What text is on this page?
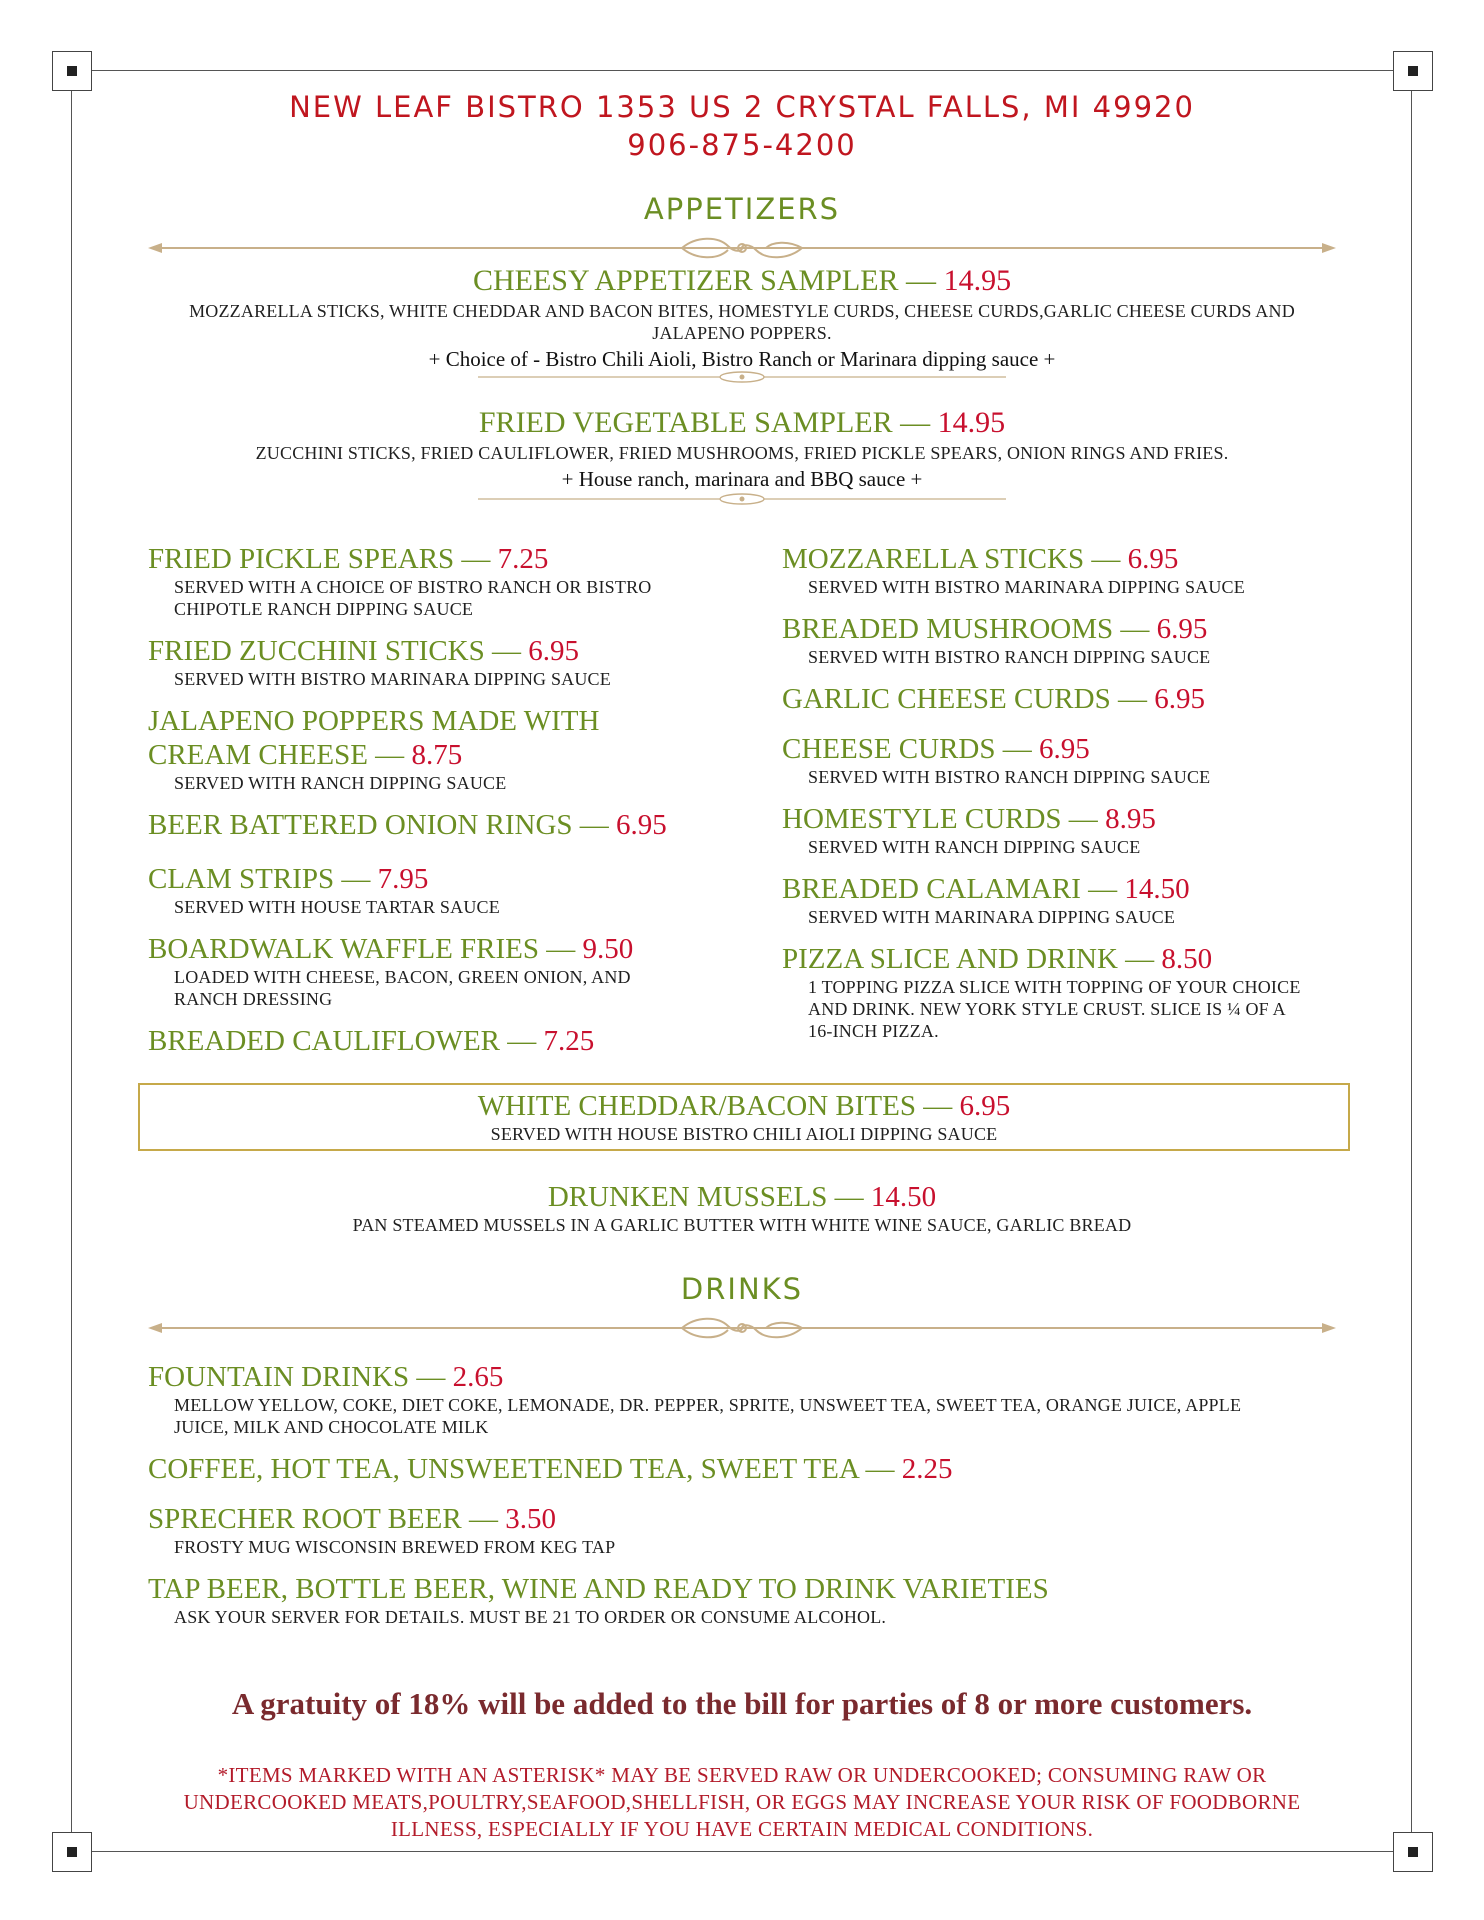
NEW LEAF BISTRO 1353 US 2 CRYSTAL FALLS, MI 49920
906-875-4200
APPETIZERS
CHEESY APPETIZER SAMPLER — 14.95
MOZZARELLA STICKS, WHITE CHEDDAR AND BACON BITES, HOMESTYLE CURDS, CHEESE CURDS,GARLIC CHEESE CURDS AND JALAPENO POPPERS.
+ Choice of - Bistro Chili Aioli, Bistro Ranch or Marinara dipping sauce +
FRIED VEGETABLE SAMPLER — 14.95
ZUCCHINI STICKS, FRIED CAULIFLOWER, FRIED MUSHROOMS, FRIED PICKLE SPEARS, ONION RINGS AND FRIES.
+ House ranch, marinara and BBQ sauce +
FRIED PICKLE SPEARS — 7.25
SERVED WITH A CHOICE OF BISTRO RANCH OR BISTRO CHIPOTLE RANCH DIPPING SAUCE
FRIED ZUCCHINI STICKS — 6.95
SERVED WITH BISTRO MARINARA DIPPING SAUCE
JALAPENO POPPERS MADE WITH CREAM CHEESE — 8.75
SERVED WITH RANCH DIPPING SAUCE
BEER BATTERED ONION RINGS — 6.95
CLAM STRIPS — 7.95
SERVED WITH HOUSE TARTAR SAUCE
BOARDWALK WAFFLE FRIES — 9.50
LOADED WITH CHEESE, BACON, GREEN ONION, AND RANCH DRESSING
BREADED CAULIFLOWER — 7.25
MOZZARELLA STICKS — 6.95
SERVED WITH BISTRO MARINARA DIPPING SAUCE
BREADED MUSHROOMS — 6.95
SERVED WITH BISTRO RANCH DIPPING SAUCE
GARLIC CHEESE CURDS — 6.95
CHEESE CURDS — 6.95
SERVED WITH BISTRO RANCH DIPPING SAUCE
HOMESTYLE CURDS — 8.95
SERVED WITH RANCH DIPPING SAUCE
BREADED CALAMARI — 14.50
SERVED WITH MARINARA DIPPING SAUCE
PIZZA SLICE AND DRINK — 8.50
1 TOPPING PIZZA SLICE WITH TOPPING OF YOUR CHOICE AND DRINK. NEW YORK STYLE CRUST. SLICE IS ¼ OF A 16-INCH PIZZA.
WHITE CHEDDAR/BACON BITES — 6.95
SERVED WITH HOUSE BISTRO CHILI AIOLI DIPPING SAUCE
DRUNKEN MUSSELS — 14.50
PAN STEAMED MUSSELS IN A GARLIC BUTTER WITH WHITE WINE SAUCE, GARLIC BREAD
DRINKS
FOUNTAIN DRINKS — 2.65
MELLOW YELLOW, COKE, DIET COKE, LEMONADE, DR. PEPPER, SPRITE, UNSWEET TEA, SWEET TEA, ORANGE JUICE, APPLE JUICE, MILK AND CHOCOLATE MILK
COFFEE, HOT TEA, UNSWEETENED TEA, SWEET TEA — 2.25
SPRECHER ROOT BEER — 3.50
FROSTY MUG WISCONSIN BREWED FROM KEG TAP
TAP BEER, BOTTLE BEER, WINE AND READY TO DRINK VARIETIES
ASK YOUR SERVER FOR DETAILS. MUST BE 21 TO ORDER OR CONSUME ALCOHOL.
A gratuity of 18% will be added to the bill for parties of 8 or more customers.
*ITEMS MARKED WITH AN ASTERISK* MAY BE SERVED RAW OR UNDERCOOKED; CONSUMING RAW OR UNDERCOOKED MEATS,POULTRY,SEAFOOD,SHELLFISH, OR EGGS MAY INCREASE YOUR RISK OF FOODBORNE ILLNESS, ESPECIALLY IF YOU HAVE CERTAIN MEDICAL CONDITIONS.
